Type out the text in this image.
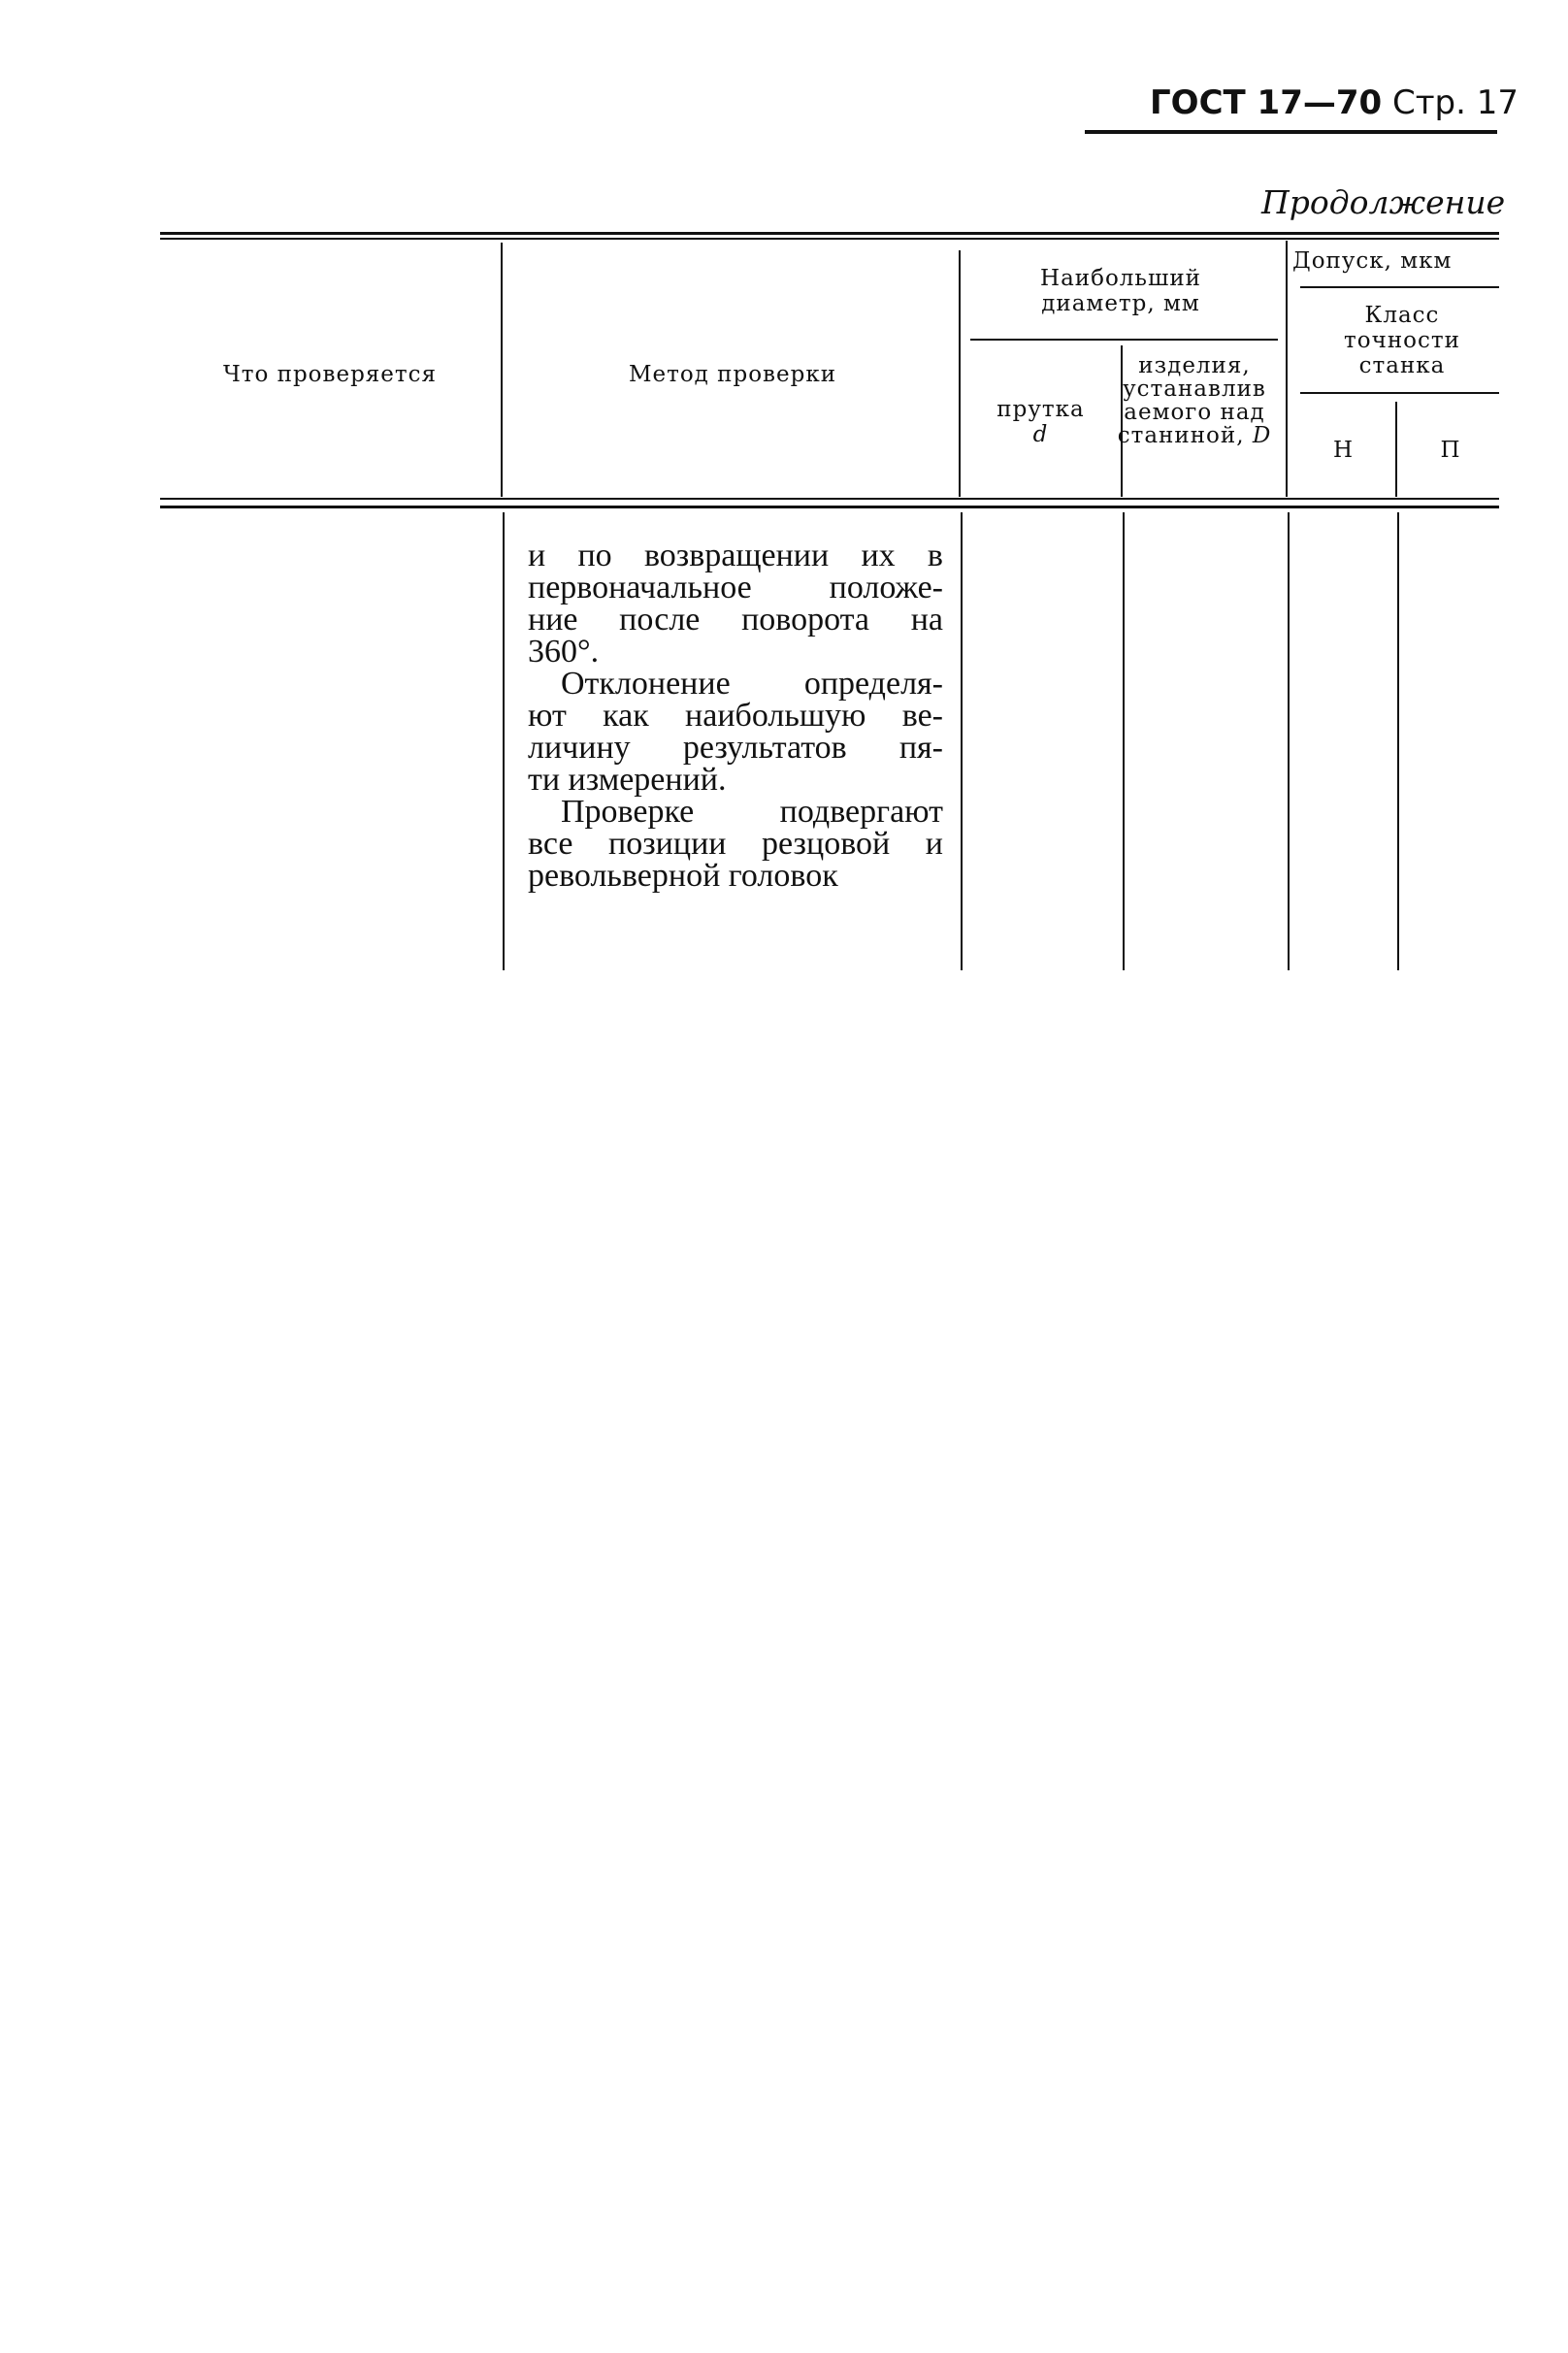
ГОСТ 17—70 Стр. 17
Продолжение
Что проверяется	Метод проверки
Наибольший диаметр, мм
прутка
d
изделия, устанавливаемого над станиной, D
Допуск, мкм
Класс точности станка
Н	П
и по возвращении их в
первоначальное положе-
ние после поворота на
360°.
Отклонение определя-
ют как наибольшую ве-
личину результатов пя-
ти измерений.
Проверке подвергают
все позиции резцовой и
револьверной головок
